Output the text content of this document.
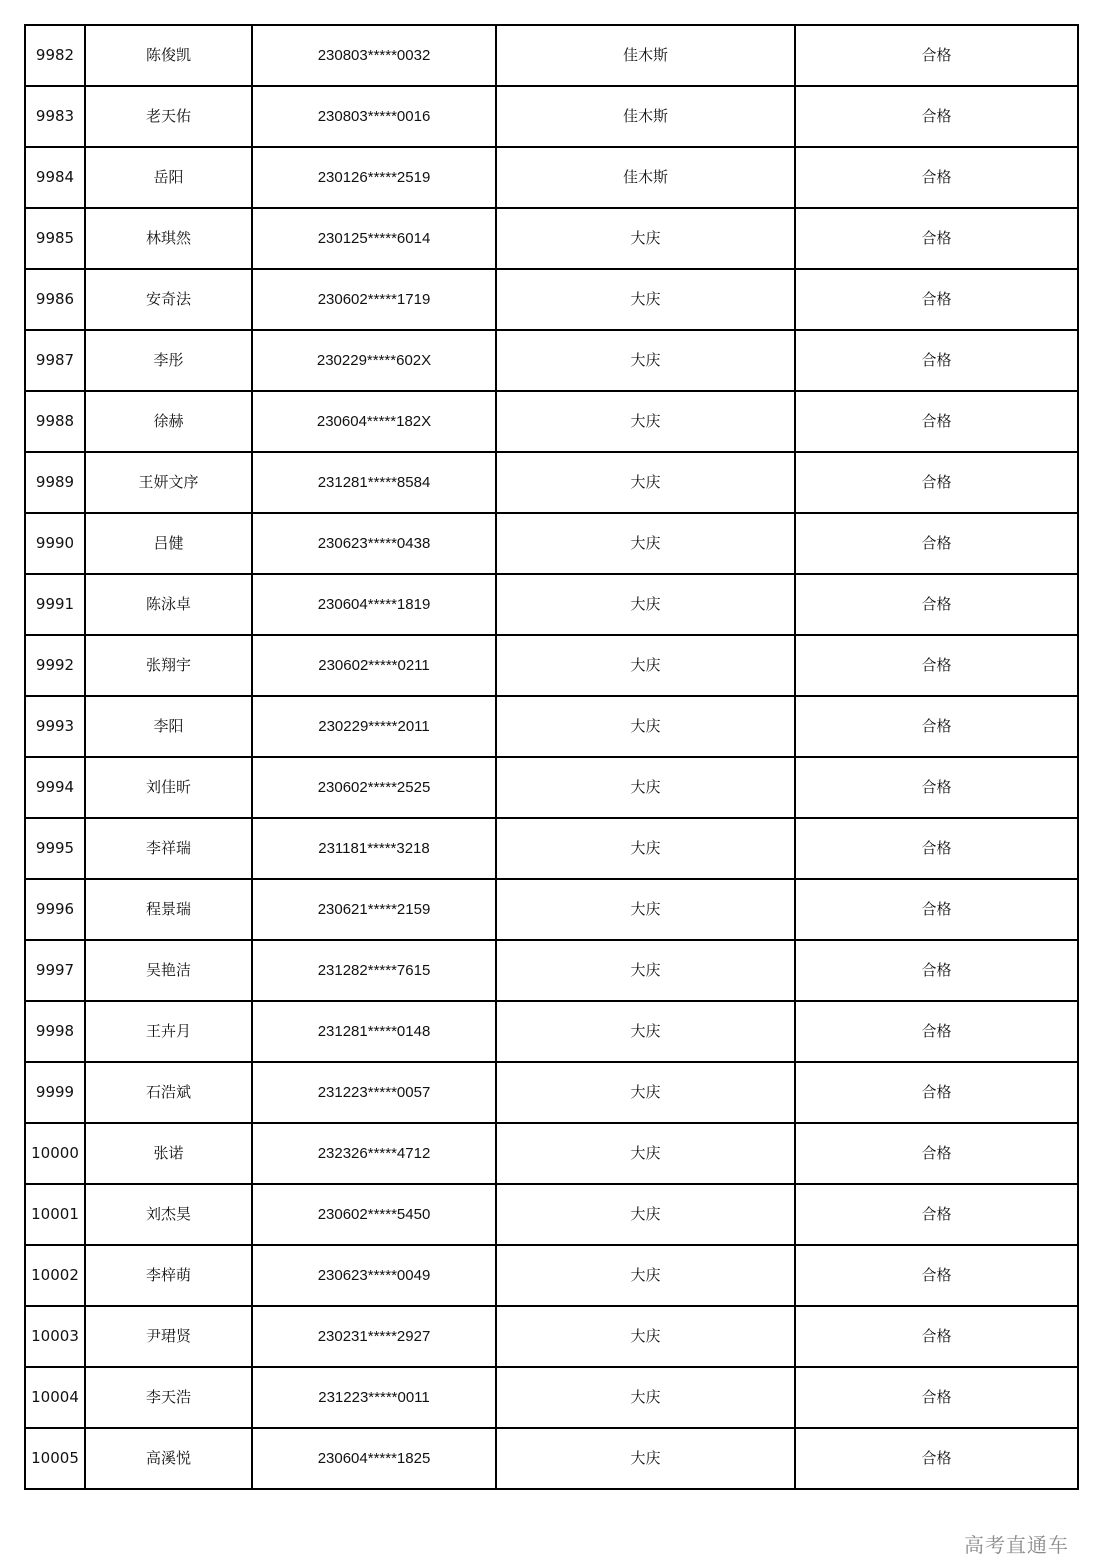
9982	陈俊凯	230803*****0032	佳木斯	合格
9983	老天佑	230803*****0016	佳木斯	合格
9984	岳阳	230126*****2519	佳木斯	合格
9985	林琪然	230125*****6014	大庆	合格
9986	安奇法	230602*****1719	大庆	合格
9987	李彤	230229*****602X	大庆	合格
9988	徐赫	230604*****182X	大庆	合格
9989	王妍文序	231281*****8584	大庆	合格
9990	吕健	230623*****0438	大庆	合格
9991	陈泳卓	230604*****1819	大庆	合格
9992	张翔宇	230602*****0211	大庆	合格
9993	李阳	230229*****2011	大庆	合格
9994	刘佳昕	230602*****2525	大庆	合格
9995	李祥瑞	231181*****3218	大庆	合格
9996	程景瑞	230621*****2159	大庆	合格
9997	吴艳洁	231282*****7615	大庆	合格
9998	王卉月	231281*****0148	大庆	合格
9999	石浩斌	231223*****0057	大庆	合格
10000	张诺	232326*****4712	大庆	合格
10001	刘杰昊	230602*****5450	大庆	合格
10002	李梓萌	230623*****0049	大庆	合格
10003	尹珺贤	230231*****2927	大庆	合格
10004	李天浩	231223*****0011	大庆	合格
10005	高溪悦	230604*****1825	大庆	合格
高考直通车
